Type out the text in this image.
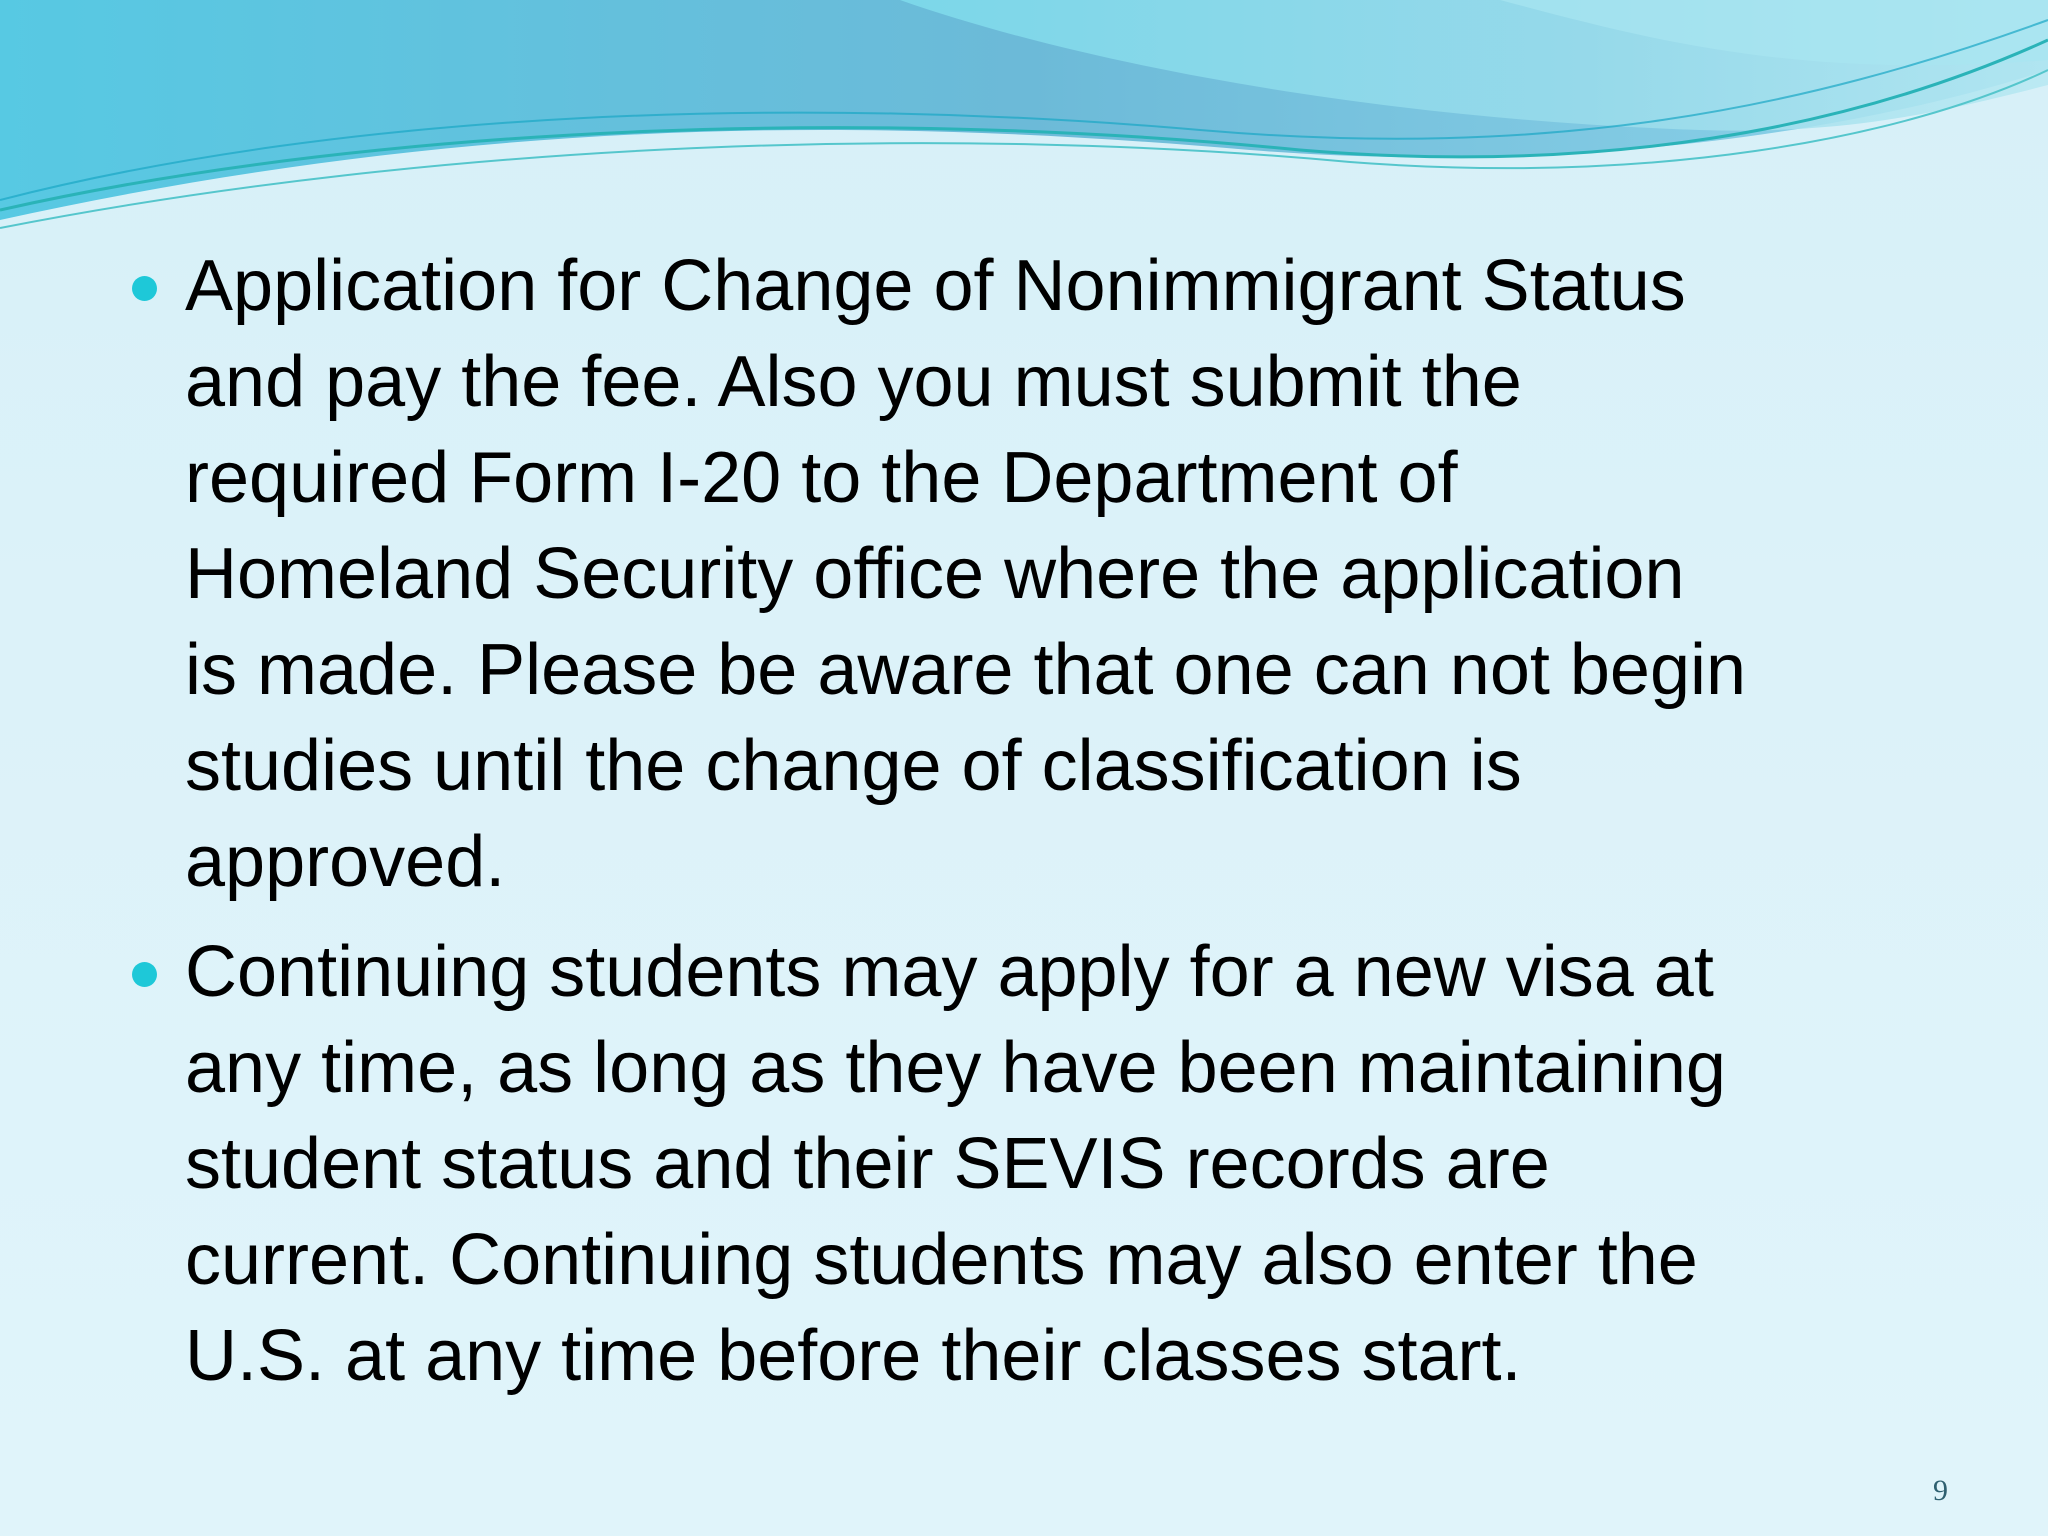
Application for Change of Nonimmigrant Status
and pay the fee. Also you must submit the
required Form I-20 to the Department of
Homeland Security office where the application
is made. Please be aware that one can not begin
studies until the change of classification is
approved.
Continuing students may apply for a new visa at
any time, as long as they have been maintaining
student status and their SEVIS records are
current. Continuing students may also enter the
U.S. at any time before their classes start.
9
